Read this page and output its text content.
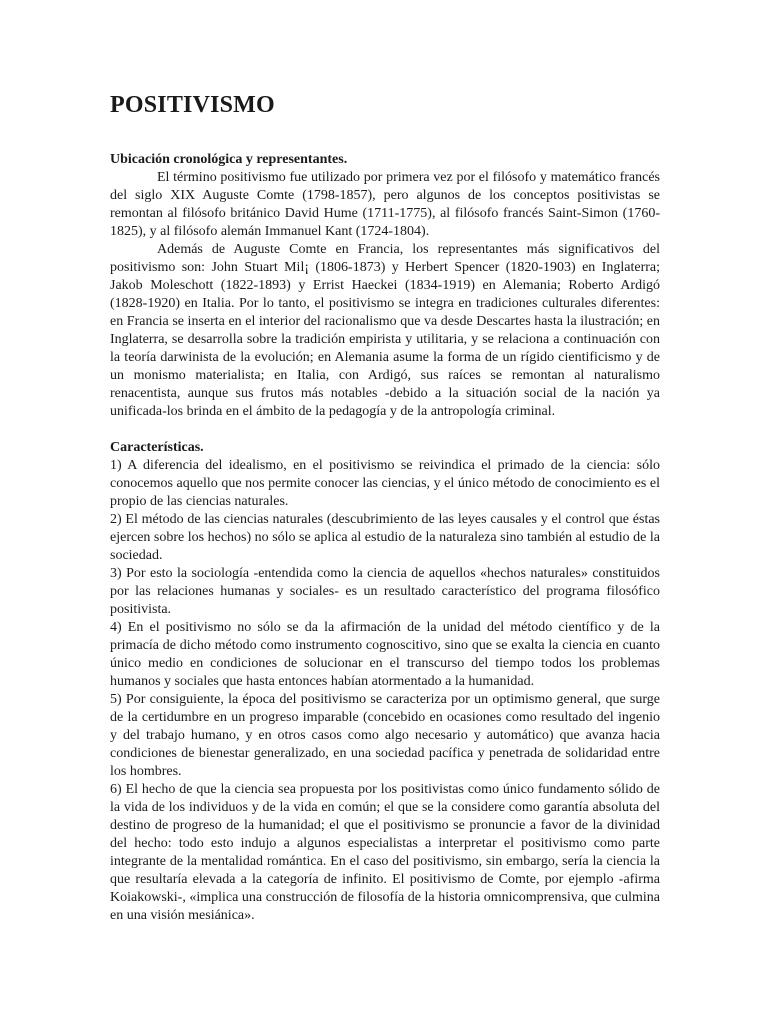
POSITIVISMO

Ubicación cronológica y representantes.

El término positivismo fue utilizado por primera vez por el filósofo y matemático francés del siglo XIX Auguste Comte (1798-1857), pero algunos de los conceptos positivistas se remontan al filósofo británico David Hume (1711-1775), al filósofo francés Saint-Simon (1760-1825), y al filósofo alemán Immanuel Kant (1724-1804).

Además de Auguste Comte en Francia, los representantes más significativos del positivismo son: John Stuart Mil¡ (1806-1873) y Herbert Spencer (1820-1903) en Inglaterra; Jakob Moleschott (1822-1893) y Errist Haeckei (1834-1919) en Alemania; Roberto Ardigó (1828-1920) en Italia. Por lo tanto, el positivismo se integra en tradiciones culturales diferentes: en Francia se inserta en el interior del racionalismo que va desde Descartes hasta la ilustración; en Inglaterra, se desarrolla sobre la tradición empirista y utilitaria, y se relaciona a continuación con la teoría darwinista de la evolución; en Alemania asume la forma de un rígido cientificismo y de un monismo materialista; en Italia, con Ardigó, sus raíces se remontan al naturalismo renacentista, aunque sus frutos más notables -debido a la situación social de la nación ya unificada-los brinda en el ámbito de la pedagogía y de la antropología criminal.

Características.

1) A diferencia del idealismo, en el positivismo se reivindica el primado de la ciencia: sólo conocemos aquello que nos permite conocer las ciencias, y el único método de conocimiento es el propio de las ciencias naturales.

2) El método de las ciencias naturales (descubrimiento de las leyes causales y el control que éstas ejercen sobre los hechos) no sólo se aplica al estudio de la naturaleza sino también al estudio de la sociedad.

3) Por esto la sociología -entendida como la ciencia de aquellos «hechos naturales» constituidos por las relaciones humanas y sociales- es un resultado característico del programa filosófico positivista.

4) En el positivismo no sólo se da la afirmación de la unidad del método científico y de la primacía de dicho método como instrumento cognoscitivo, sino que se exalta la ciencia en cuanto único medio en condiciones de solucionar en el transcurso del tiempo todos los problemas humanos y sociales que hasta entonces habían atormentado a la humanidad.

5) Por consiguiente, la época del positivismo se caracteriza por un optimismo general, que surge de la certidumbre en un progreso imparable (concebido en ocasiones como resultado del ingenio y del trabajo humano, y en otros casos como algo necesario y automático) que avanza hacia condiciones de bienestar generalizado, en una sociedad pacífica y penetrada de solidaridad entre los hombres.

6) El hecho de que la ciencia sea propuesta por los positivistas como único fundamento sólido de la vida de los individuos y de la vida en común; el que se la considere como garantía absoluta del destino de progreso de la humanidad; el que el positivismo se pronuncie a favor de la divinidad del hecho: todo esto indujo a algunos especialistas a interpretar el positivismo como parte integrante de la mentalidad romántica. En el caso del positivismo, sin embargo, sería la ciencia la que resultaría elevada a la categoría de infinito. El positivismo de Comte, por ejemplo -afirma Koiakowski-, «implica una construcción de filosofía de la historia omnicomprensiva, que culmina en una visión mesiánica».
